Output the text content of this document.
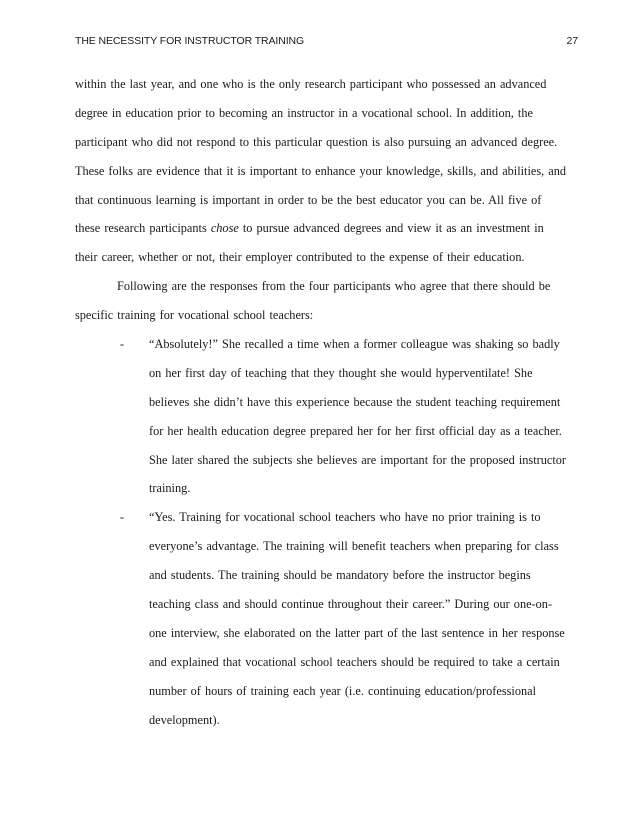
THE NECESSITY FOR INSTRUCTOR TRAINING	27
within the last year, and one who is the only research participant who possessed an advanced
degree in education prior to becoming an instructor in a vocational school. In addition, the
participant who did not respond to this particular question is also pursuing an advanced degree.
These folks are evidence that it is important to enhance your knowledge, skills, and abilities, and
that continuous learning is important in order to be the best educator you can be. All five of
these research participants chose to pursue advanced degrees and view it as an investment in
their career, whether or not, their employer contributed to the expense of their education.
Following are the responses from the four participants who agree that there should be
specific training for vocational school teachers:
- “Absolutely!” She recalled a time when a former colleague was shaking so badly
on her first day of teaching that they thought she would hyperventilate! She
believes she didn’t have this experience because the student teaching requirement
for her health education degree prepared her for her first official day as a teacher.
She later shared the subjects she believes are important for the proposed instructor
training.
- “Yes. Training for vocational school teachers who have no prior training is to
everyone’s advantage. The training will benefit teachers when preparing for class
and students. The training should be mandatory before the instructor begins
teaching class and should continue throughout their career.” During our one-on-
one interview, she elaborated on the latter part of the last sentence in her response
and explained that vocational school teachers should be required to take a certain
number of hours of training each year (i.e. continuing education/professional
development).
